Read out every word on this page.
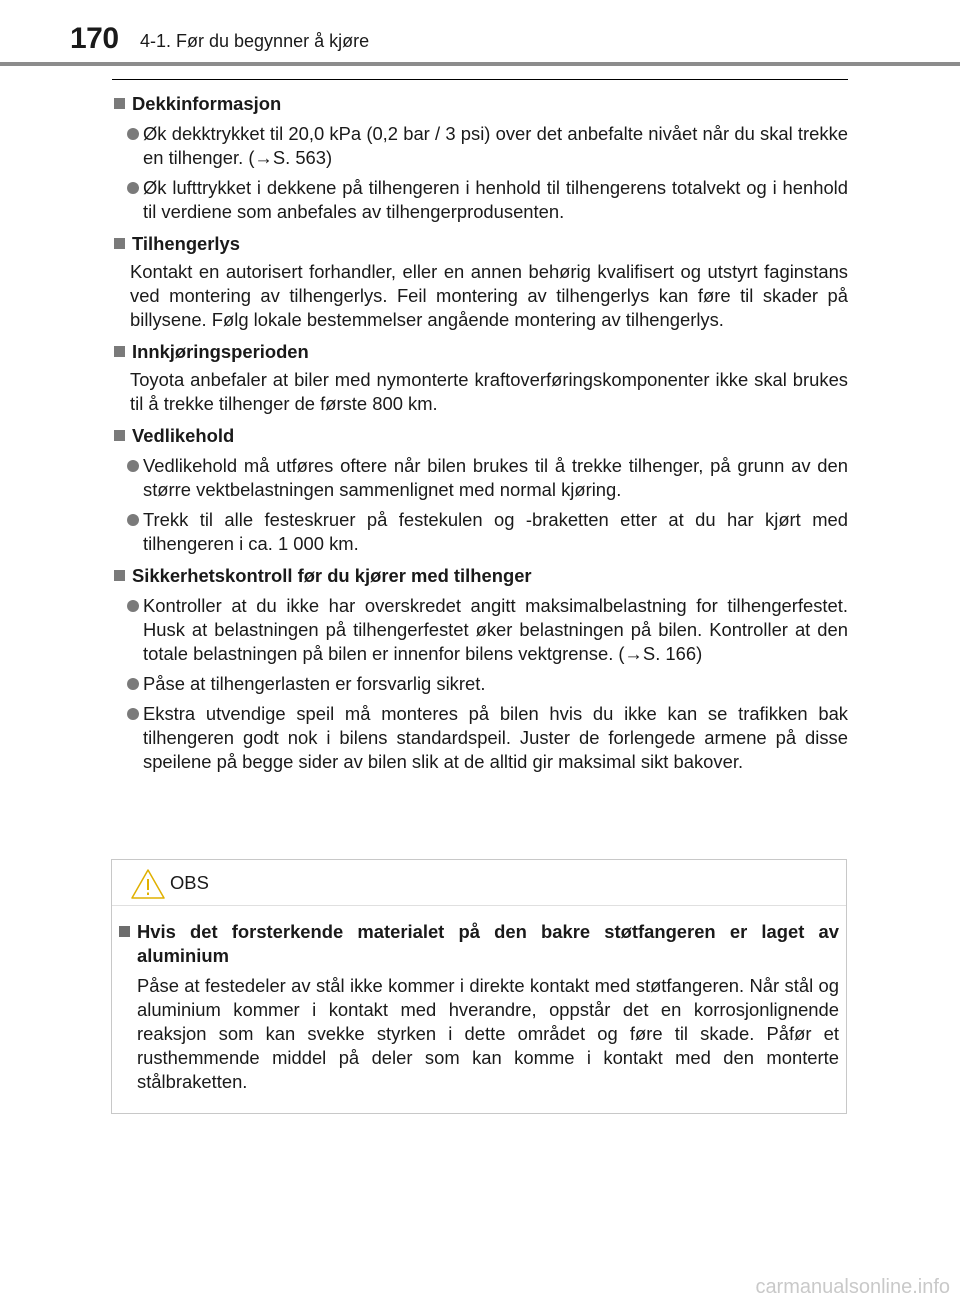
170 4-1. Før du begynner å kjøre
Dekkinformasjon
Øk dekktrykket til 20,0 kPa (0,2 bar / 3 psi) over det anbefalte nivået når du skal trekke en tilhenger. (→S. 563)
Øk lufttrykket i dekkene på tilhengeren i henhold til tilhengerens totalvekt og i henhold til verdiene som anbefales av tilhengerprodusenten.
Tilhengerlys
Kontakt en autorisert forhandler, eller en annen behørig kvalifisert og utstyrt faginstans ved montering av tilhengerlys. Feil montering av tilhengerlys kan føre til skader på billysene. Følg lokale bestemmelser angående montering av tilhengerlys.
Innkjøringsperioden
Toyota anbefaler at biler med nymonterte kraftoverføringskomponenter ikke skal brukes til å trekke tilhenger de første 800 km.
Vedlikehold
Vedlikehold må utføres oftere når bilen brukes til å trekke tilhenger, på grunn av den større vektbelastningen sammenlignet med normal kjøring.
Trekk til alle festeskruer på festekulen og -braketten etter at du har kjørt med tilhengeren i ca. 1 000 km.
Sikkerhetskontroll før du kjører med tilhenger
Kontroller at du ikke har overskredet angitt maksimalbelastning for tilhengerfestet. Husk at belastningen på tilhengerfestet øker belastningen på bilen. Kontroller at den totale belastningen på bilen er innenfor bilens vektgrense. (→S. 166)
Påse at tilhengerlasten er forsvarlig sikret.
Ekstra utvendige speil må monteres på bilen hvis du ikke kan se trafikken bak tilhengeren godt nok i bilens standardspeil. Juster de forlengede armene på disse speilene på begge sider av bilen slik at de alltid gir maksimal sikt bakover.
OBS
Hvis det forsterkende materialet på den bakre støtfangeren er laget av aluminium
Påse at festedeler av stål ikke kommer i direkte kontakt med støtfangeren. Når stål og aluminium kommer i kontakt med hverandre, oppstår det en korrosjonlignende reaksjon som kan svekke styrken i dette området og føre til skade. Påfør et rusthemmende middel på deler som kan komme i kontakt med den monterte stålbraketten.
carmanualsonline.info
